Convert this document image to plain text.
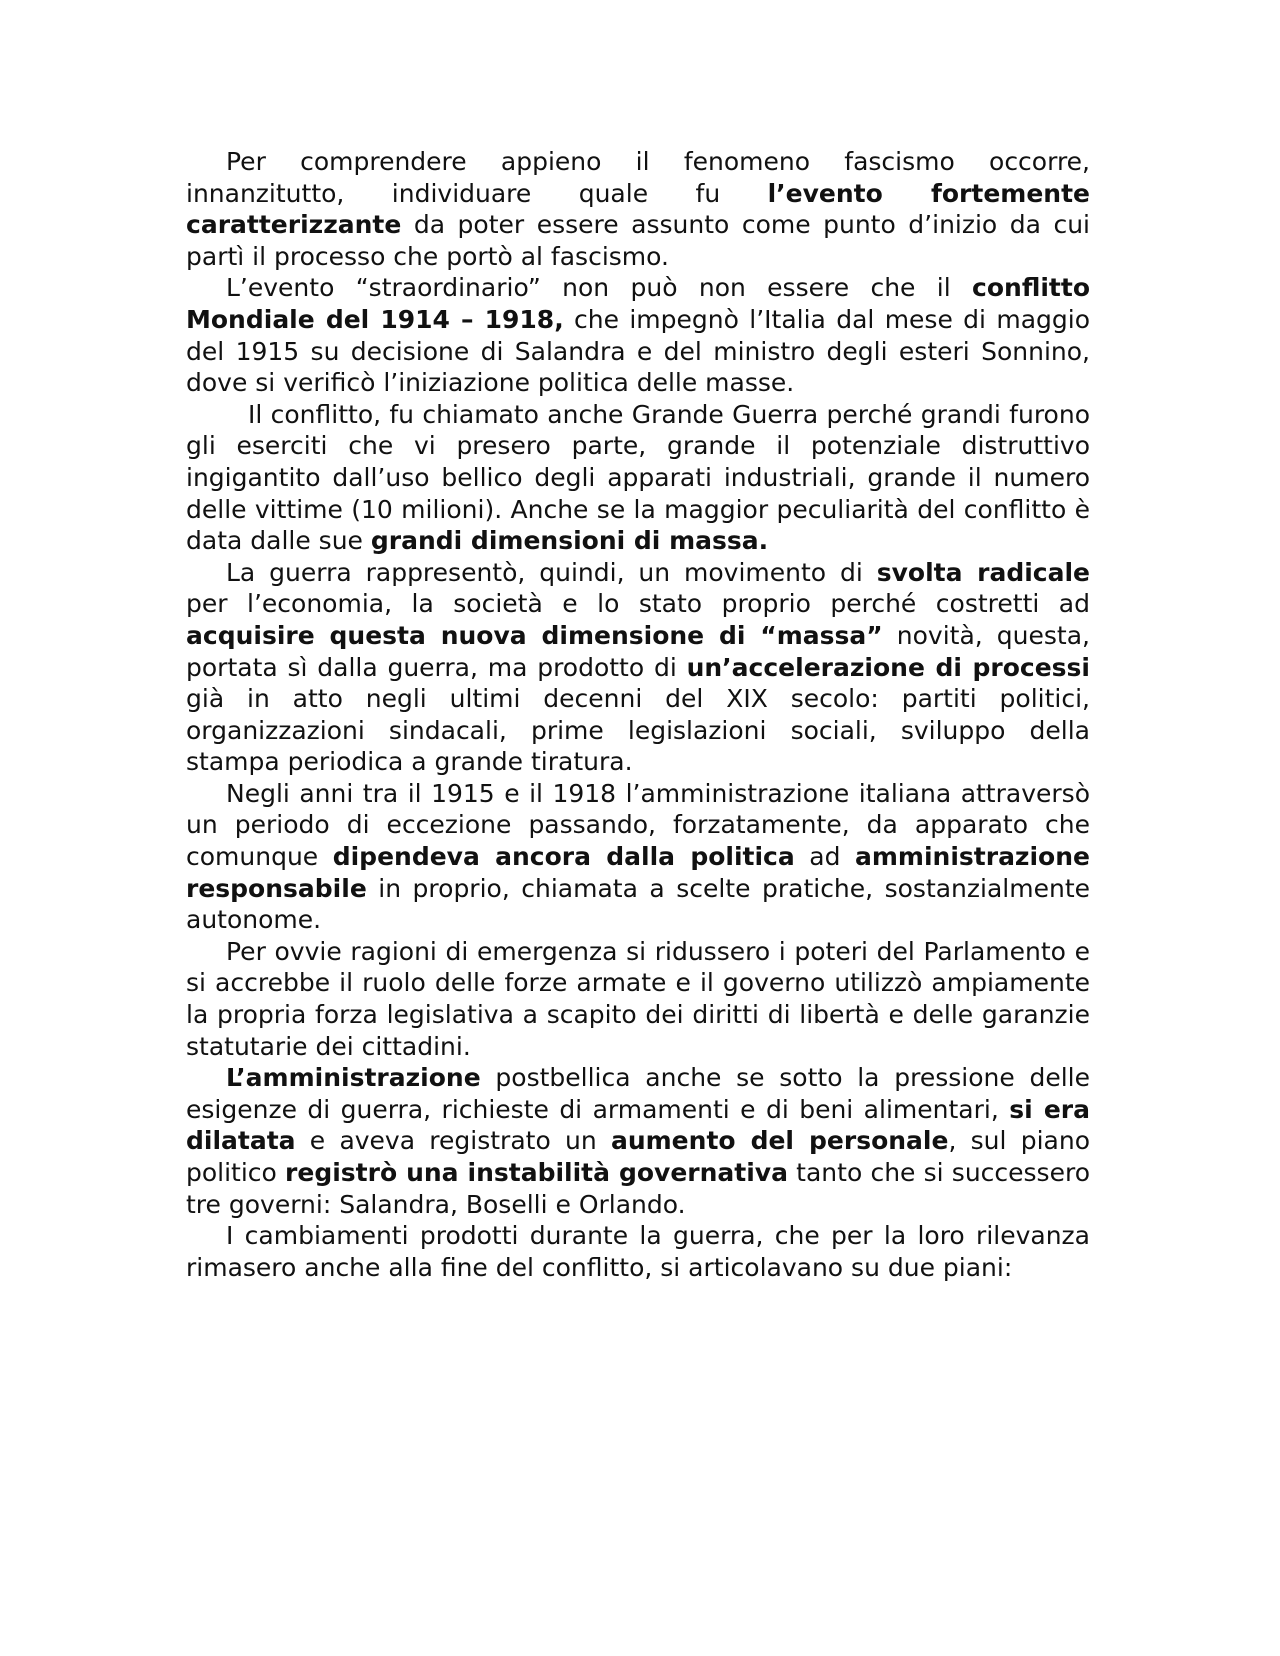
Per comprendere appieno il fenomeno fascismo occorre, innanzitutto, individuare quale fu l’evento fortemente caratterizzante da poter essere assunto come punto d’inizio da cui partì il processo che portò al fascismo.

L’evento “straordinario” non può non essere che il conflitto Mondiale del 1914 – 1918, che impegnò l’Italia dal mese di maggio del 1915 su decisione di Salandra e del ministro degli esteri Sonnino, dove si verificò l’iniziazione politica delle masse.

Il conflitto, fu chiamato anche Grande Guerra perché grandi furono gli eserciti che vi presero parte, grande il potenziale distruttivo ingigantito dall’uso bellico degli apparati industriali, grande il numero delle vittime (10 milioni). Anche se la maggior peculiarità del conflitto è data dalle sue grandi dimensioni di massa.

La guerra rappresentò, quindi, un movimento di svolta radicale per l’economia, la società e lo stato proprio perché costretti ad acquisire questa nuova dimensione di “massa” novità, questa, portata sì dalla guerra, ma prodotto di un’accelerazione di processi già in atto negli ultimi decenni del XIX secolo: partiti politici, organizzazioni sindacali, prime legislazioni sociali, sviluppo della stampa periodica a grande tiratura.

Negli anni tra il 1915 e il 1918 l’amministrazione italiana attraversò un periodo di eccezione passando, forzatamente, da apparato che comunque dipendeva ancora dalla politica ad amministrazione responsabile in proprio, chiamata a scelte pratiche, sostanzialmente autonome.

Per ovvie ragioni di emergenza si ridussero i poteri del Parlamento e si accrebbe il ruolo delle forze armate e il governo utilizzò ampiamente la propria forza legislativa a scapito dei diritti di libertà e delle garanzie statutarie dei cittadini.

L’amministrazione postbellica anche se sotto la pressione delle esigenze di guerra, richieste di armamenti e di beni alimentari, si era dilatata e aveva registrato un aumento del personale, sul piano politico registrò una instabilità governativa tanto che si successero tre governi: Salandra, Boselli e Orlando.

I cambiamenti prodotti durante la guerra, che per la loro rilevanza rimasero anche alla fine del conflitto, si articolavano su due piani:
